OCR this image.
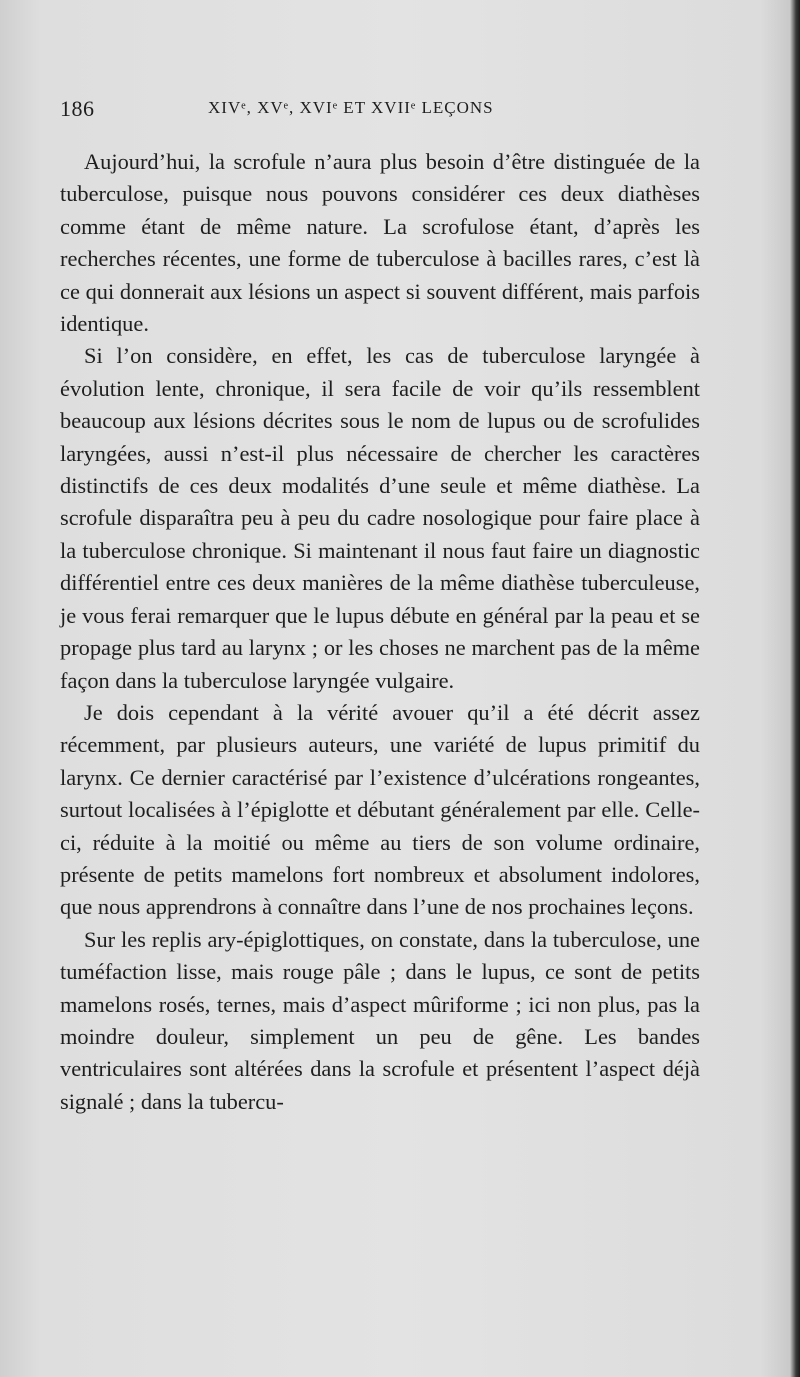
186	XIVᵉ, XVᵉ, XVIᵉ ET XVIIᵉ LEÇONS

Aujourd’hui, la scrofule n’aura plus besoin d’être distinguée de la tuberculose, puisque nous pouvons considérer ces deux diathèses comme étant de même nature. La scrofulose étant, d’après les recherches récentes, une forme de tuberculose à bacilles rares, c’est là ce qui donnerait aux lésions un aspect si souvent différent, mais parfois identique.

Si l’on considère, en effet, les cas de tuberculose laryngée à évolution lente, chronique, il sera facile de voir qu’ils ressemblent beaucoup aux lésions décrites sous le nom de lupus ou de scrofulides laryngées, aussi n’est-il plus nécessaire de chercher les caractères distinctifs de ces deux modalités d’une seule et même diathèse. La scrofule disparaîtra peu à peu du cadre nosologique pour faire place à la tuberculose chronique. Si maintenant il nous faut faire un diagnostic différentiel entre ces deux manières de la même diathèse tuberculeuse, je vous ferai remarquer que le lupus débute en général par la peau et se propage plus tard au larynx ; or les choses ne marchent pas de la même façon dans la tuberculose laryngée vulgaire.

Je dois cependant à la vérité avouer qu’il a été décrit assez récemment, par plusieurs auteurs, une variété de lupus primitif du larynx. Ce dernier caractérisé par l’existence d’ulcérations rongeantes, surtout localisées à l’épiglotte et débutant généralement par elle. Celle-ci, réduite à la moitié ou même au tiers de son volume ordinaire, présente de petits mamelons fort nombreux et absolument indolores, que nous apprendrons à connaître dans l’une de nos prochaines leçons.

Sur les replis ary-épiglottiques, on constate, dans la tuberculose, une tuméfaction lisse, mais rouge pâle ; dans le lupus, ce sont de petits mamelons rosés, ternes, mais d’aspect mûriforme ; ici non plus, pas la moindre douleur, simplement un peu de gêne. Les bandes ventriculaires sont altérées dans la scrofule et présentent l’aspect déjà signalé ; dans la tubercu-
